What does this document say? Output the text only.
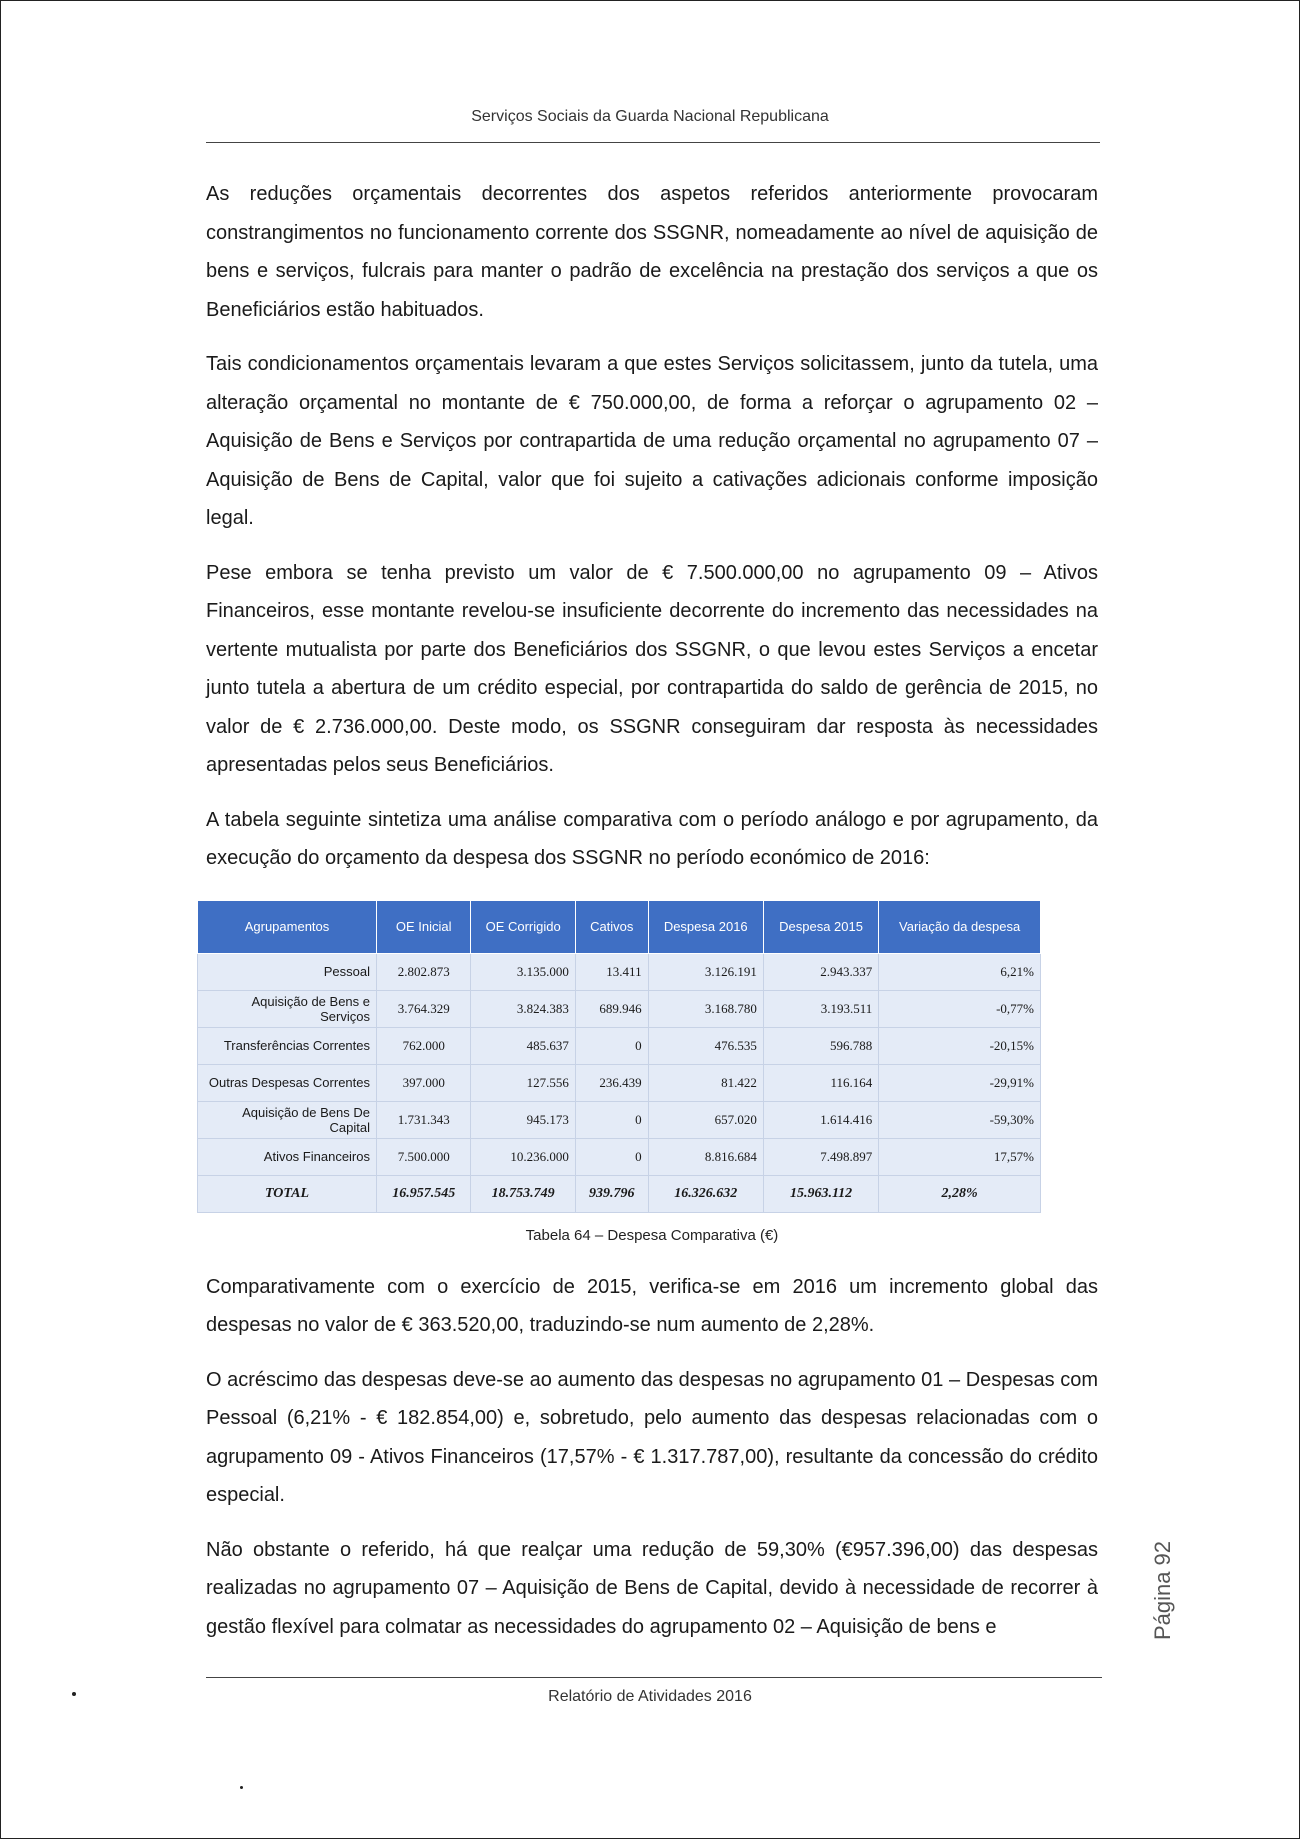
Serviços Sociais da Guarda Nacional Republicana

As reduções orçamentais decorrentes dos aspetos referidos anteriormente provocaram constrangimentos no funcionamento corrente dos SSGNR, nomeadamente ao nível de aquisição de bens e serviços, fulcrais para manter o padrão de excelência na prestação dos serviços a que os Beneficiários estão habituados.

Tais condicionamentos orçamentais levaram a que estes Serviços solicitassem, junto da tutela, uma alteração orçamental no montante de € 750.000,00, de forma a reforçar o agrupamento 02 – Aquisição de Bens e Serviços por contrapartida de uma redução orçamental no agrupamento 07 – Aquisição de Bens de Capital, valor que foi sujeito a cativações adicionais conforme imposição legal.

Pese embora se tenha previsto um valor de € 7.500.000,00 no agrupamento 09 – Ativos Financeiros, esse montante revelou-se insuficiente decorrente do incremento das necessidades na vertente mutualista por parte dos Beneficiários dos SSGNR, o que levou estes Serviços a encetar junto tutela a abertura de um crédito especial, por contrapartida do saldo de gerência de 2015, no valor de € 2.736.000,00. Deste modo, os SSGNR conseguiram dar resposta às necessidades apresentadas pelos seus Beneficiários.

A tabela seguinte sintetiza uma análise comparativa com o período análogo e por agrupamento, da execução do orçamento da despesa dos SSGNR no período económico de 2016:

Agrupamentos	OE Inicial	OE Corrigido	Cativos	Despesa 2016	Despesa 2015	Variação da despesa
Pessoal	2.802.873	3.135.000	13.411	3.126.191	2.943.337	6,21%
Aquisição de Bens e Serviços	3.764.329	3.824.383	689.946	3.168.780	3.193.511	-0,77%
Transferências Correntes	762.000	485.637	0	476.535	596.788	-20,15%
Outras Despesas Correntes	397.000	127.556	236.439	81.422	116.164	-29,91%
Aquisição de Bens De Capital	1.731.343	945.173	0	657.020	1.614.416	-59,30%
Ativos Financeiros	7.500.000	10.236.000	0	8.816.684	7.498.897	17,57%
TOTAL	16.957.545	18.753.749	939.796	16.326.632	15.963.112	2,28%
Tabela 64 – Despesa Comparativa (€)

Comparativamente com o exercício de 2015, verifica-se em 2016 um incremento global das despesas no valor de € 363.520,00, traduzindo-se num aumento de 2,28%.

O acréscimo das despesas deve-se ao aumento das despesas no agrupamento 01 – Despesas com Pessoal (6,21% - € 182.854,00) e, sobretudo, pelo aumento das despesas relacionadas com o agrupamento 09 - Ativos Financeiros (17,57% - € 1.317.787,00), resultante da concessão do crédito especial.

Não obstante o referido, há que realçar uma redução de 59,30% (€957.396,00) das despesas realizadas no agrupamento 07 – Aquisição de Bens de Capital, devido à necessidade de recorrer à gestão flexível para colmatar as necessidades do agrupamento 02 – Aquisição de bens e	Página92
Relatório de Atividades 2016
